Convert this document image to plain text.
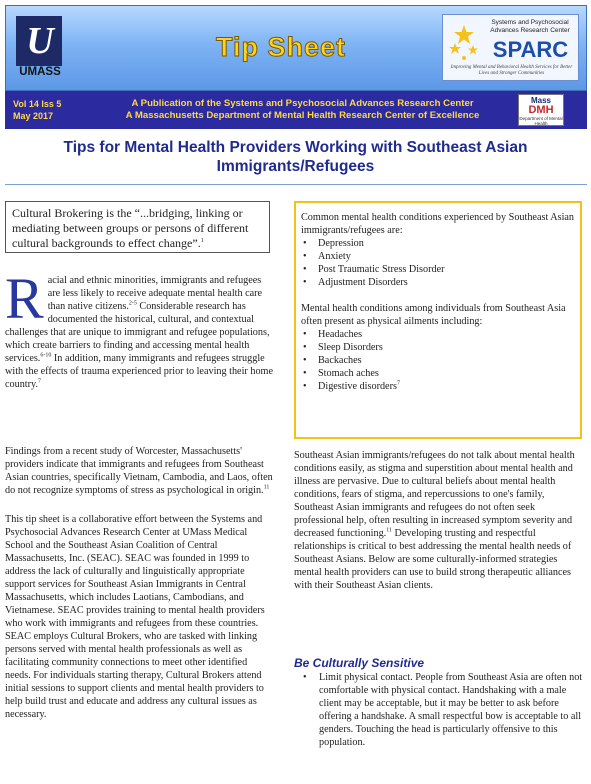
U
UMASS
Tip Sheet
Systems and Psychosocial Advances Research Center
SPARC
Improving Mental and Behavioral Health Services for Better Lives and Stronger Communities
Vol 14 Iss 5
May 2017
A Publication of the Systems and Psychosocial Advances Research Center
A Massachusetts Department of Mental Health Research Center of Excellence
Mass
DMH
Department of Mental Health
Tips for Mental Health Providers Working with Southeast Asian Immigrants/Refugees
Cultural Brokering is the “...bridging, linking or mediating between groups or persons of different cultural backgrounds to effect change”.$^1$

Racial and ethnic minorities, immigrants and refugees are less likely to receive adequate mental health care than native citizens.$^{2-5}$ Considerable research has documented the historical, cultural, and contextual challenges that are unique to immigrant and refugee populations, which create barriers to finding and accessing mental health services.$^{6-10}$ In addition, many immigrants and refugees struggle with the effects of trauma experienced prior to leaving their home country.$^7$

Findings from a recent study of Worcester, Massachusetts' providers indicate that immigrants and refugees from Southeast Asian countries, specifically Vietnam, Cambodia, and Laos, often do not recognize symptoms of stress as psychological in origin.$^{11}$

This tip sheet is a collaborative effort between the Systems and Psychosocial Advances Research Center at UMass Medical School and the Southeast Asian Coalition of Central Massachusetts, Inc. (SEAC). SEAC was founded in 1999 to address the lack of culturally and linguistically appropriate support services for Southeast Asian Immigrants in Central Massachusetts, which includes Laotians, Cambodians, and Vietnamese. SEAC provides training to mental health providers who work with immigrants and refugees from these countries. SEAC employs Cultural Brokers, who are tasked with linking persons served with mental health professionals as well as facilitating community connections to meet other identified needs. For individuals starting therapy, Cultural Brokers attend initial sessions to support clients and mental health providers to help build trust and educate and address any cultural issues as necessary.

Common mental health conditions experienced by Southeast Asian immigrants/refugees are:

• Depression
• Anxiety
• Post Traumatic Stress Disorder
• Adjustment Disorders

Mental health conditions among individuals from Southeast Asia often present as physical ailments including:

• Headaches
• Sleep Disorders
• Backaches
• Stomach aches
• Digestive disorders$^7$

Southeast Asian immigrants/refugees do not talk about mental health conditions easily, as stigma and superstition about mental health and illness are pervasive. Due to cultural beliefs about mental health conditions, fears of stigma, and repercussions to one's family, Southeast Asian immigrants and refugees do not often seek professional help, often resulting in increased symptom severity and decreased functioning.$^{11}$ Developing trusting and respectful relationships is critical to best addressing the mental health needs of Southeast Asians. Below are some culturally-informed strategies mental health providers can use to build strong therapeutic alliances with their Southeast Asian clients.

Be Culturally Sensitive
• Limit physical contact. People from Southeast Asia are often not comfortable with physical contact. Handshaking with a male client may be acceptable, but it may be better to ask before offering a handshake. A small respectful bow is acceptable to all genders. Touching the head is particularly offensive to this population.
